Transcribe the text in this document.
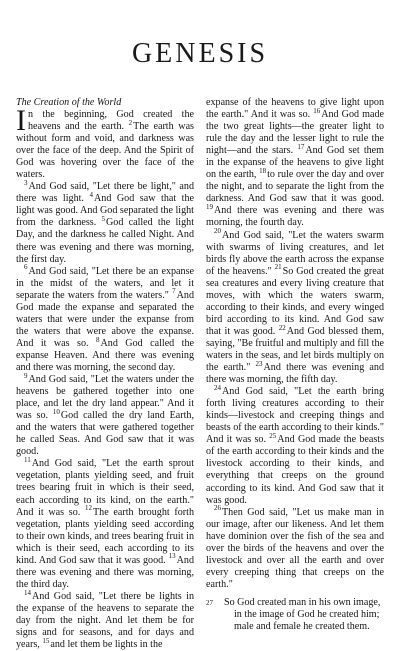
GENESIS

The Creation of the World

In the beginning, God created the heavens and the earth. $^2$The earth was without form and void, and darkness was over the face of the deep. And the Spirit of God was hovering over the face of the waters.

$^3$And God said, "Let there be light," and there was light. $^4$And God saw that the light was good. And God separated the light from the darkness. $^5$God called the light Day, and the darkness he called Night. And there was evening and there was morning, the first day.

$^6$And God said, "Let there be an expanse in the midst of the waters, and let it separate the waters from the waters." $^7$And God made the expanse and separated the waters that were under the expanse from the waters that were above the expanse. And it was so. $^8$And God called the expanse Heaven. And there was evening and there was morning, the second day.

$^9$And God said, "Let the waters under the heavens be gathered together into one place, and let the dry land appear." And it was so. $^{10}$God called the dry land Earth, and the waters that were gathered together he called Seas. And God saw that it was good.

$^{11}$And God said, "Let the earth sprout vegetation, plants yielding seed, and fruit trees bearing fruit in which is their seed, each according to its kind, on the earth." And it was so. $^{12}$The earth brought forth vegetation, plants yielding seed according to their own kinds, and trees bearing fruit in which is their seed, each according to its kind. And God saw that it was good. $^{13}$And there was evening and there was morning, the third day.

$^{14}$And God said, "Let there be lights in the expanse of the heavens to separate the day from the night. And let them be for signs and for seasons, and for days and years, $^{15}$and let them be lights in the

expanse of the heavens to give light upon the earth." And it was so. $^{16}$And God made the two great lights—the greater light to rule the day and the lesser light to rule the night—and the stars. $^{17}$And God set them in the expanse of the heavens to give light on the earth, $^{18}$to rule over the day and over the night, and to separate the light from the darkness. And God saw that it was good. $^{19}$And there was evening and there was morning, the fourth day.

$^{20}$And God said, "Let the waters swarm with swarms of living creatures, and let birds fly above the earth across the expanse of the heavens." $^{21}$So God created the great sea creatures and every living creature that moves, with which the waters swarm, according to their kinds, and every winged bird according to its kind. And God saw that it was good. $^{22}$And God blessed them, saying, "Be fruitful and multiply and fill the waters in the seas, and let birds multiply on the earth." $^{23}$And there was evening and there was morning, the fifth day.

$^{24}$And God said, "Let the earth bring forth living creatures according to their kinds—livestock and creeping things and beasts of the earth according to their kinds." And it was so. $^{25}$And God made the beasts of the earth according to their kinds and the livestock according to their kinds, and everything that creeps on the ground according to its kind. And God saw that it was good.

$^{26}$Then God said, "Let us make man in our image, after our likeness. And let them have dominion over the fish of the sea and over the birds of the heavens and over the livestock and over all the earth and over every creeping thing that creeps on the earth."

27 So God created man in his own image,

in the image of God he created him;

male and female he created them.
